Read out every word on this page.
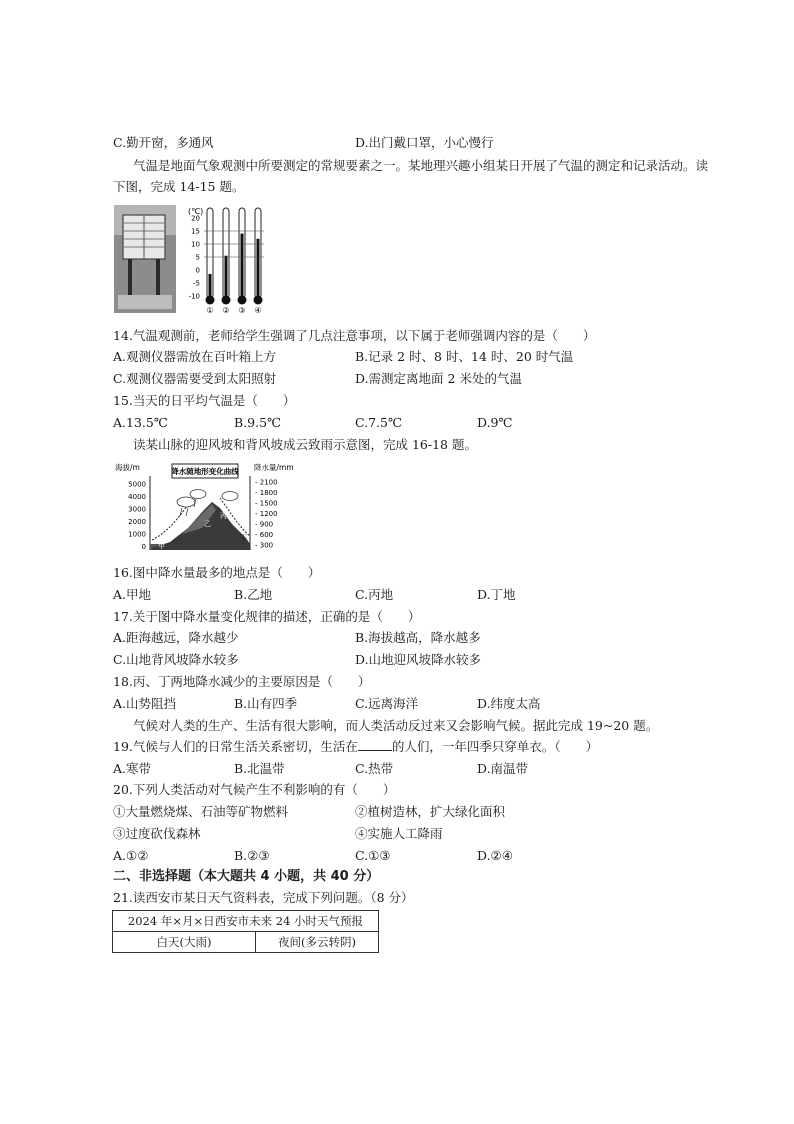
C.勤开窗，多通风	D.出门戴口罩，小心慢行
气温是地面气象观测中所要测定的常规要素之一。某地理兴趣小组某日开展了气温的测定和记录活动。读
下图，完成 14-15 题。
(℃)
20
15
10
5
0
-5
-10
① ② ③ ④
14.气温观测前，老师给学生强调了几点注意事项，以下属于老师强调内容的是（　　）
A.观测仪器需放在百叶箱上方	B.记录 2 时、8 时、14 时、20 时气温
C.观测仪器需要受到太阳照射	D.需测定离地面 2 米处的气温
15.当天的日平均气温是（　　）
A.13.5℃	B.9.5℃	C.7.5℃	D.9℃
读某山脉的迎风坡和背风坡成云致雨示意图，完成 16-18 题。
海拔/m	降水量/mm
5000
4000
3000
2000
1000
0
- 2100
- 1800
- 1500
- 1200
- 900
- 600
- 300
降水随地形变化曲线
甲
乙
丙
丁
16.图中降水量最多的地点是（　　）
A.甲地	B.乙地	C.丙地	D.丁地
17.关于图中降水量变化规律的描述，正确的是（　　）
A.距海越远，降水越少	B.海拔越高，降水越多
C.山地背风坡降水较多	D.山地迎风坡降水较多
18.丙、丁两地降水减少的主要原因是（　　）
A.山势阻挡	B.山有四季	C.远离海洋	D.纬度太高
气候对人类的生产、生活有很大影响，而人类活动反过来又会影响气候。据此完成 19~20 题。
19.气候与人们的日常生活关系密切，生活在	的人们，一年四季只穿单衣。（　　）
A.寒带	B.北温带	C.热带	D.南温带
20.下列人类活动对气候产生不利影响的有（　　）
①大量燃烧煤、石油等矿物燃料	②植树造林，扩大绿化面积
③过度砍伐森林	④实施人工降雨
A.①②	B.②③	C.①③	D.②④
二、非选择题（本大题共 4 小题，共 40 分）
21.读西安市某日天气资料表，完成下列问题。（8 分）
2024 年×月×日西安市未来 24 小时天气预报
白天(大雨)	夜间(多云转阴)
